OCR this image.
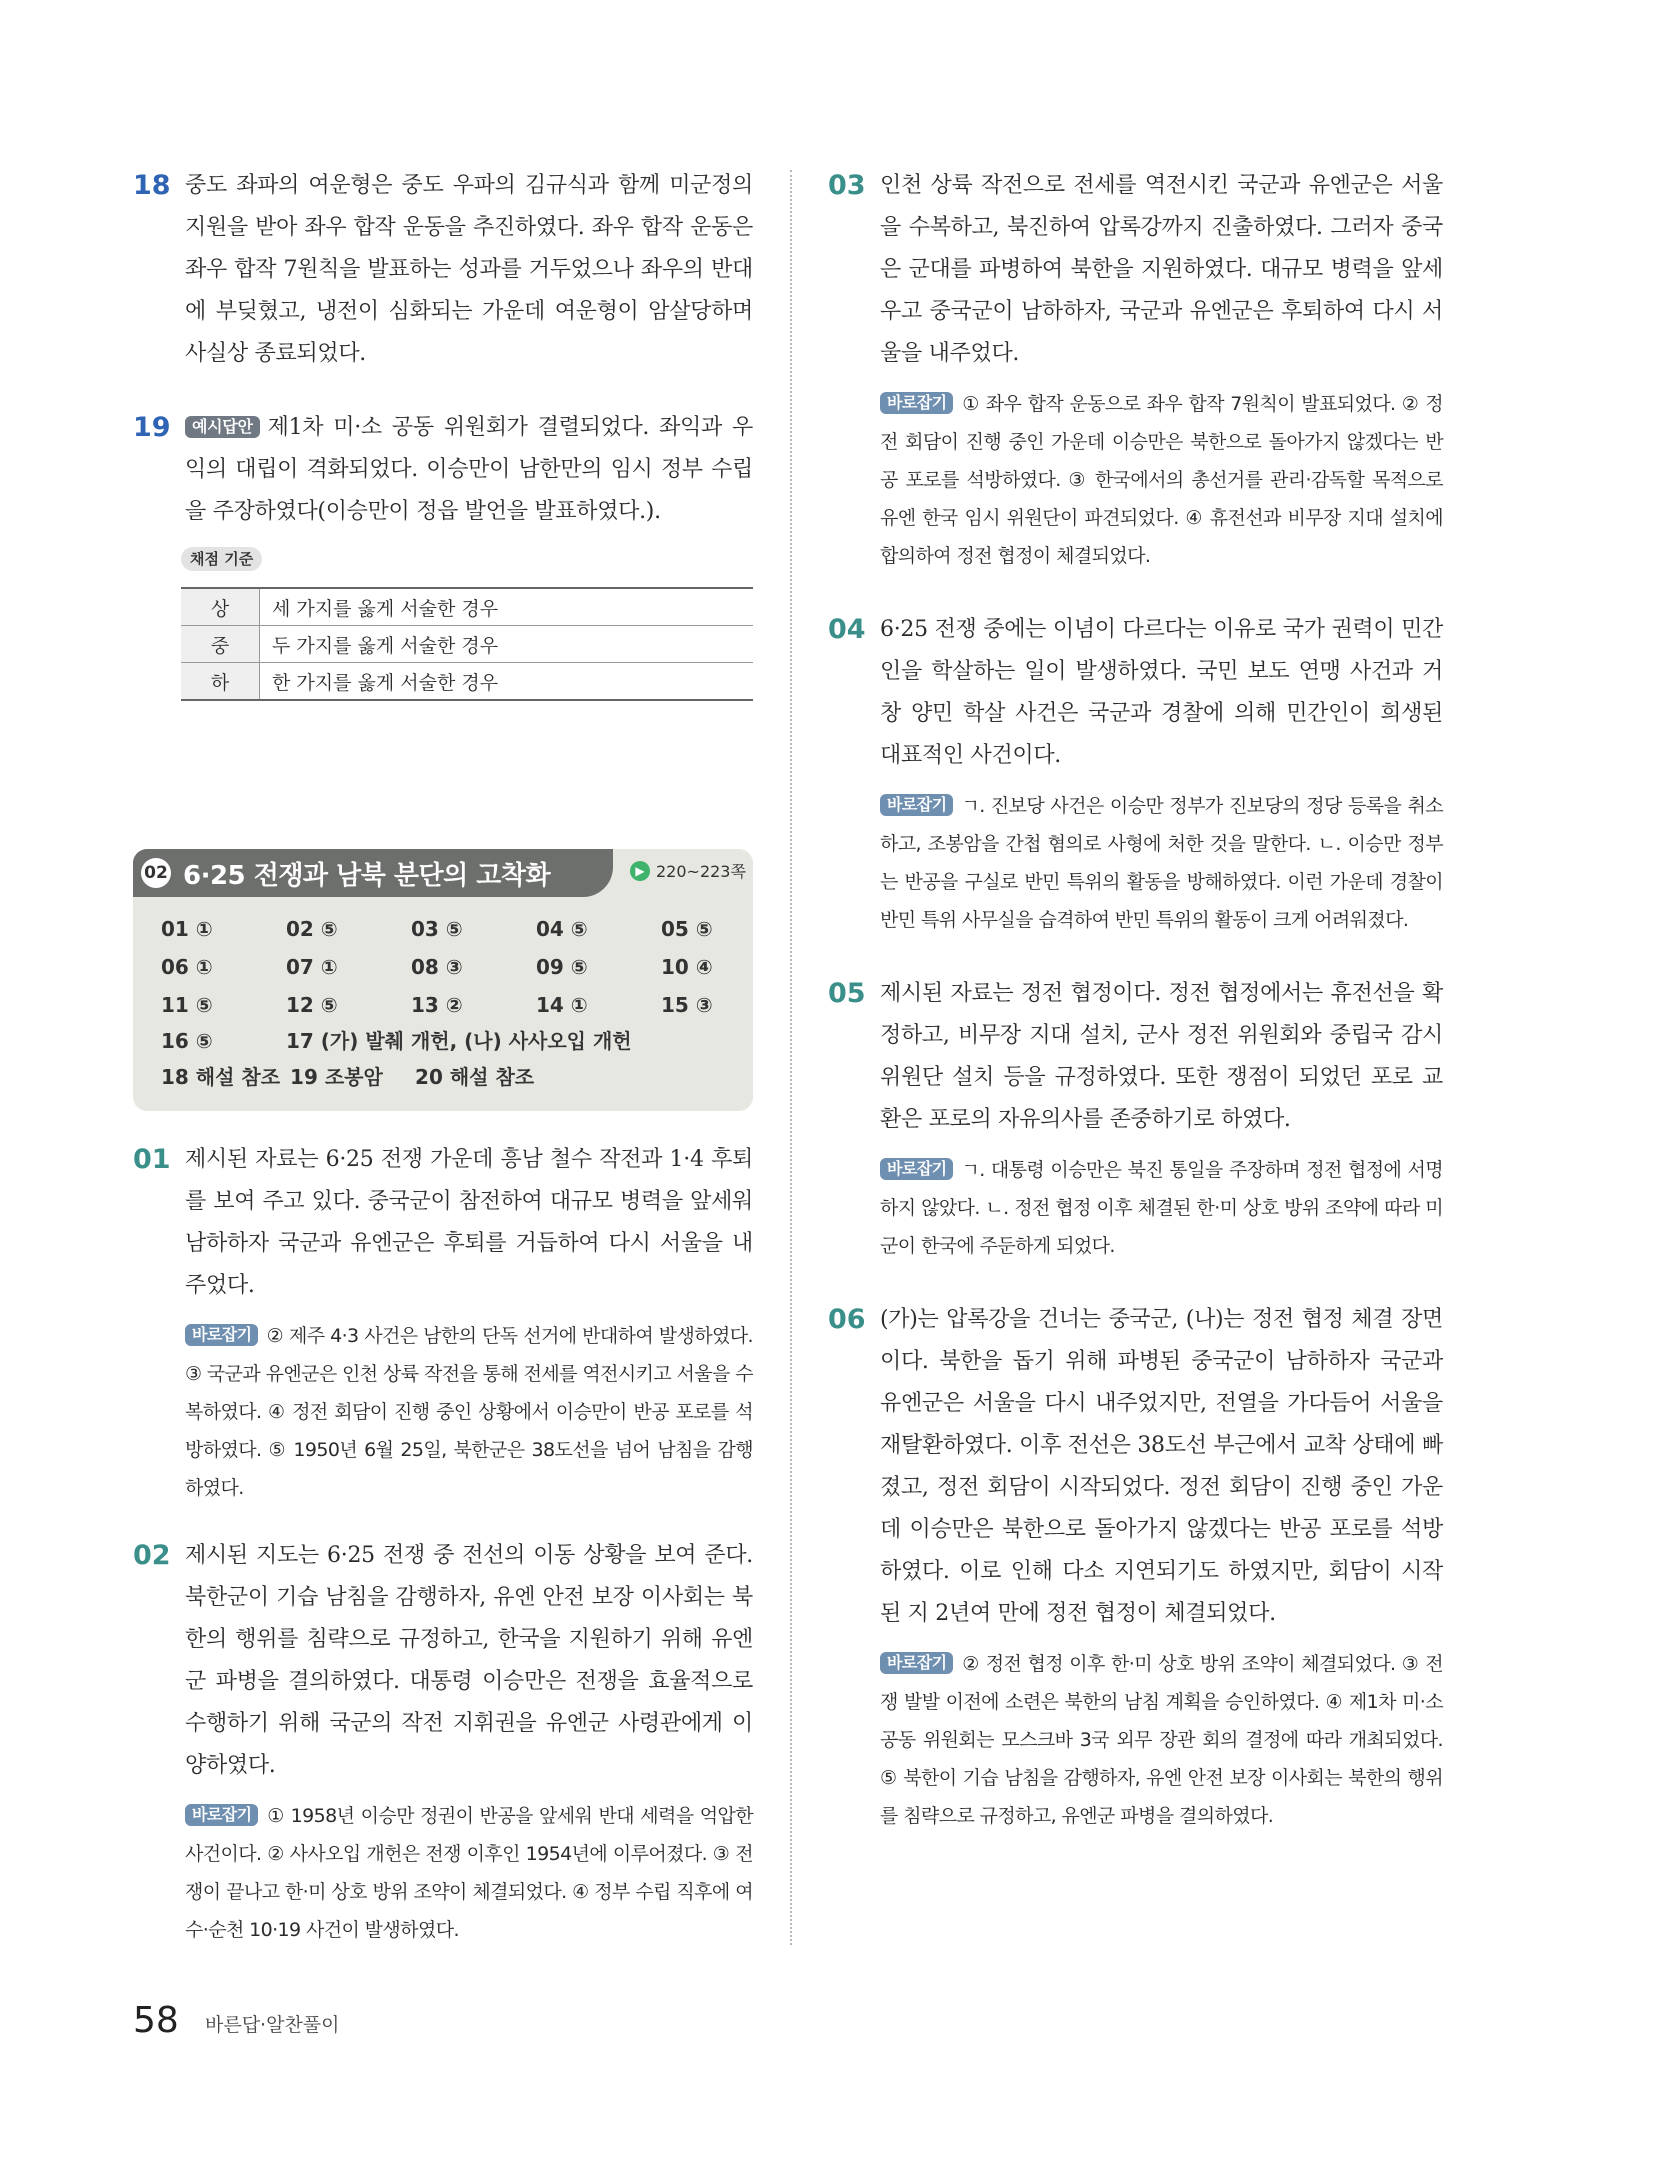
18 중도 좌파의 여운형은 중도 우파의 김규식과 함께 미군정의 지원을 받아 좌우 합작 운동을 추진하였다. 좌우 합작 운동은 좌우 합작 7원칙을 발표하는 성과를 거두었으나 좌우의 반대에 부딪혔고, 냉전이 심화되는 가운데 여운형이 암살당하며 사실상 종료되었다.
19	예시답안 제1차 미·소 공동 위원회가 결렬되었다. 좌익과 우익의 대립이 격화되었다. 이승만이 남한만의 임시 정부 수립을 주장하였다(이승만이 정읍 발언을 발표하였다.).
채점 기준
상	세 가지를 옳게 서술한 경우
중	두 가지를 옳게 서술한 경우
하	한 가지를 옳게 서술한 경우
02 6·25 전쟁과 남북 분단의 고착화	▶ 220~223쪽
01 ①	02 ⑤	03 ⑤	04 ⑤	05 ⑤
06 ①	07 ①	08 ③	09 ⑤	10 ④
11 ⑤	12 ⑤	13 ②	14 ①	15 ③
16 ⑤	17 (가) 발췌 개헌, (나) 사사오입 개헌
18 해설 참조 19 조봉암	20 해설 참조
01 제시된 자료는 6·25 전쟁 가운데 흥남 철수 작전과 1·4 후퇴를 보여 주고 있다. 중국군이 참전하여 대규모 병력을 앞세워 남하하자 국군과 유엔군은 후퇴를 거듭하여 다시 서울을 내주었다.
바로잡기 ② 제주 4·3 사건은 남한의 단독 선거에 반대하여 발생하였다. ③ 국군과 유엔군은 인천 상륙 작전을 통해 전세를 역전시키고 서울을 수복하였다. ④ 정전 회담이 진행 중인 상황에서 이승만이 반공 포로를 석방하였다. ⑤ 1950년 6월 25일, 북한군은 38도선을 넘어 남침을 감행하였다.
02 제시된 지도는 6·25 전쟁 중 전선의 이동 상황을 보여 준다. 북한군이 기습 남침을 감행하자, 유엔 안전 보장 이사회는 북한의 행위를 침략으로 규정하고, 한국을 지원하기 위해 유엔군 파병을 결의하였다. 대통령 이승만은 전쟁을 효율적으로 수행하기 위해 국군의 작전 지휘권을 유엔군 사령관에게 이양하였다.
바로잡기 ① 1958년 이승만 정권이 반공을 앞세워 반대 세력을 억압한 사건이다. ② 사사오입 개헌은 전쟁 이후인 1954년에 이루어졌다. ③ 전쟁이 끝나고 한·미 상호 방위 조약이 체결되었다. ④ 정부 수립 직후에 여수·순천 10·19 사건이 발생하였다.
03 인천 상륙 작전으로 전세를 역전시킨 국군과 유엔군은 서울을 수복하고, 북진하여 압록강까지 진출하였다. 그러자 중국은 군대를 파병하여 북한을 지원하였다. 대규모 병력을 앞세우고 중국군이 남하하자, 국군과 유엔군은 후퇴하여 다시 서울을 내주었다.
바로잡기 ① 좌우 합작 운동으로 좌우 합작 7원칙이 발표되었다. ② 정전 회담이 진행 중인 가운데 이승만은 북한으로 돌아가지 않겠다는 반공 포로를 석방하였다. ③ 한국에서의 총선거를 관리·감독할 목적으로 유엔 한국 임시 위원단이 파견되었다. ④ 휴전선과 비무장 지대 설치에 합의하여 정전 협정이 체결되었다.
04 6·25 전쟁 중에는 이념이 다르다는 이유로 국가 권력이 민간인을 학살하는 일이 발생하였다. 국민 보도 연맹 사건과 거창 양민 학살 사건은 국군과 경찰에 의해 민간인이 희생된 대표적인 사건이다.
바로잡기 ㄱ. 진보당 사건은 이승만 정부가 진보당의 정당 등록을 취소하고, 조봉암을 간첩 혐의로 사형에 처한 것을 말한다. ㄴ. 이승만 정부는 반공을 구실로 반민 특위의 활동을 방해하였다. 이런 가운데 경찰이 반민 특위 사무실을 습격하여 반민 특위의 활동이 크게 어려워졌다.
05 제시된 자료는 정전 협정이다. 정전 협정에서는 휴전선을 확정하고, 비무장 지대 설치, 군사 정전 위원회와 중립국 감시 위원단 설치 등을 규정하였다. 또한 쟁점이 되었던 포로 교환은 포로의 자유의사를 존중하기로 하였다.
바로잡기 ㄱ. 대통령 이승만은 북진 통일을 주장하며 정전 협정에 서명하지 않았다. ㄴ. 정전 협정 이후 체결된 한·미 상호 방위 조약에 따라 미군이 한국에 주둔하게 되었다.
06 (가)는 압록강을 건너는 중국군, (나)는 정전 협정 체결 장면이다. 북한을 돕기 위해 파병된 중국군이 남하하자 국군과 유엔군은 서울을 다시 내주었지만, 전열을 가다듬어 서울을 재탈환하였다. 이후 전선은 38도선 부근에서 교착 상태에 빠졌고, 정전 회담이 시작되었다. 정전 회담이 진행 중인 가운데 이승만은 북한으로 돌아가지 않겠다는 반공 포로를 석방하였다. 이로 인해 다소 지연되기도 하였지만, 회담이 시작된 지 2년여 만에 정전 협정이 체결되었다.
바로잡기 ② 정전 협정 이후 한·미 상호 방위 조약이 체결되었다. ③ 전쟁 발발 이전에 소련은 북한의 남침 계획을 승인하였다. ④ 제1차 미·소 공동 위원회는 모스크바 3국 외무 장관 회의 결정에 따라 개최되었다. ⑤ 북한이 기습 남침을 감행하자, 유엔 안전 보장 이사회는 북한의 행위를 침략으로 규정하고, 유엔군 파병을 결의하였다.
58 바른답·알찬풀이
